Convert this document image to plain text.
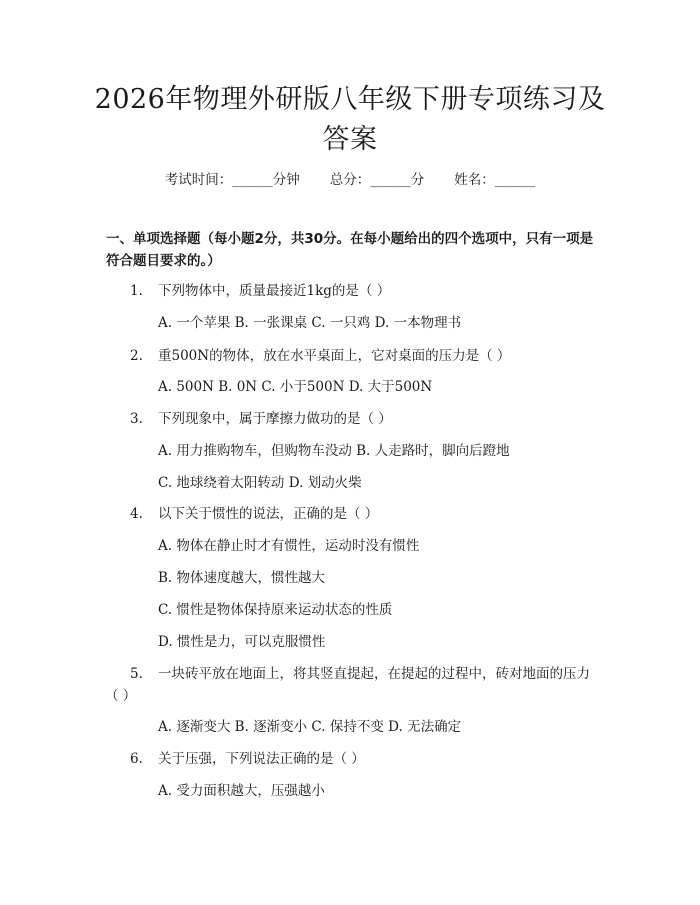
2026年物理外研版八年级下册专项练习及答案
考试时间：______分钟 总分：______分 姓名：______
一、单项选择题（每小题2分，共30分。在每小题给出的四个选项中，只有一项是符合题目要求的。）
1. 下列物体中，质量最接近1kg的是（ ）
A. 一个苹果 B. 一张课桌 C. 一只鸡 D. 一本物理书
2. 重500N的物体，放在水平桌面上，它对桌面的压力是（ ）
A. 500N B. 0N C. 小于500N D. 大于500N
3. 下列现象中，属于摩擦力做功的是（ ）
A. 用力推购物车，但购物车没动 B. 人走路时，脚向后蹬地
C. 地球绕着太阳转动 D. 划动火柴
4. 以下关于惯性的说法，正确的是（ ）
A. 物体在静止时才有惯性，运动时没有惯性
B. 物体速度越大，惯性越大
C. 惯性是物体保持原来运动状态的性质
D. 惯性是力，可以克服惯性
5. 一块砖平放在地面上，将其竖直提起，在提起的过程中，砖对地面的压力
（ ）
A. 逐渐变大 B. 逐渐变小 C. 保持不变 D. 无法确定
6. 关于压强，下列说法正确的是（ ）
A. 受力面积越大，压强越小
